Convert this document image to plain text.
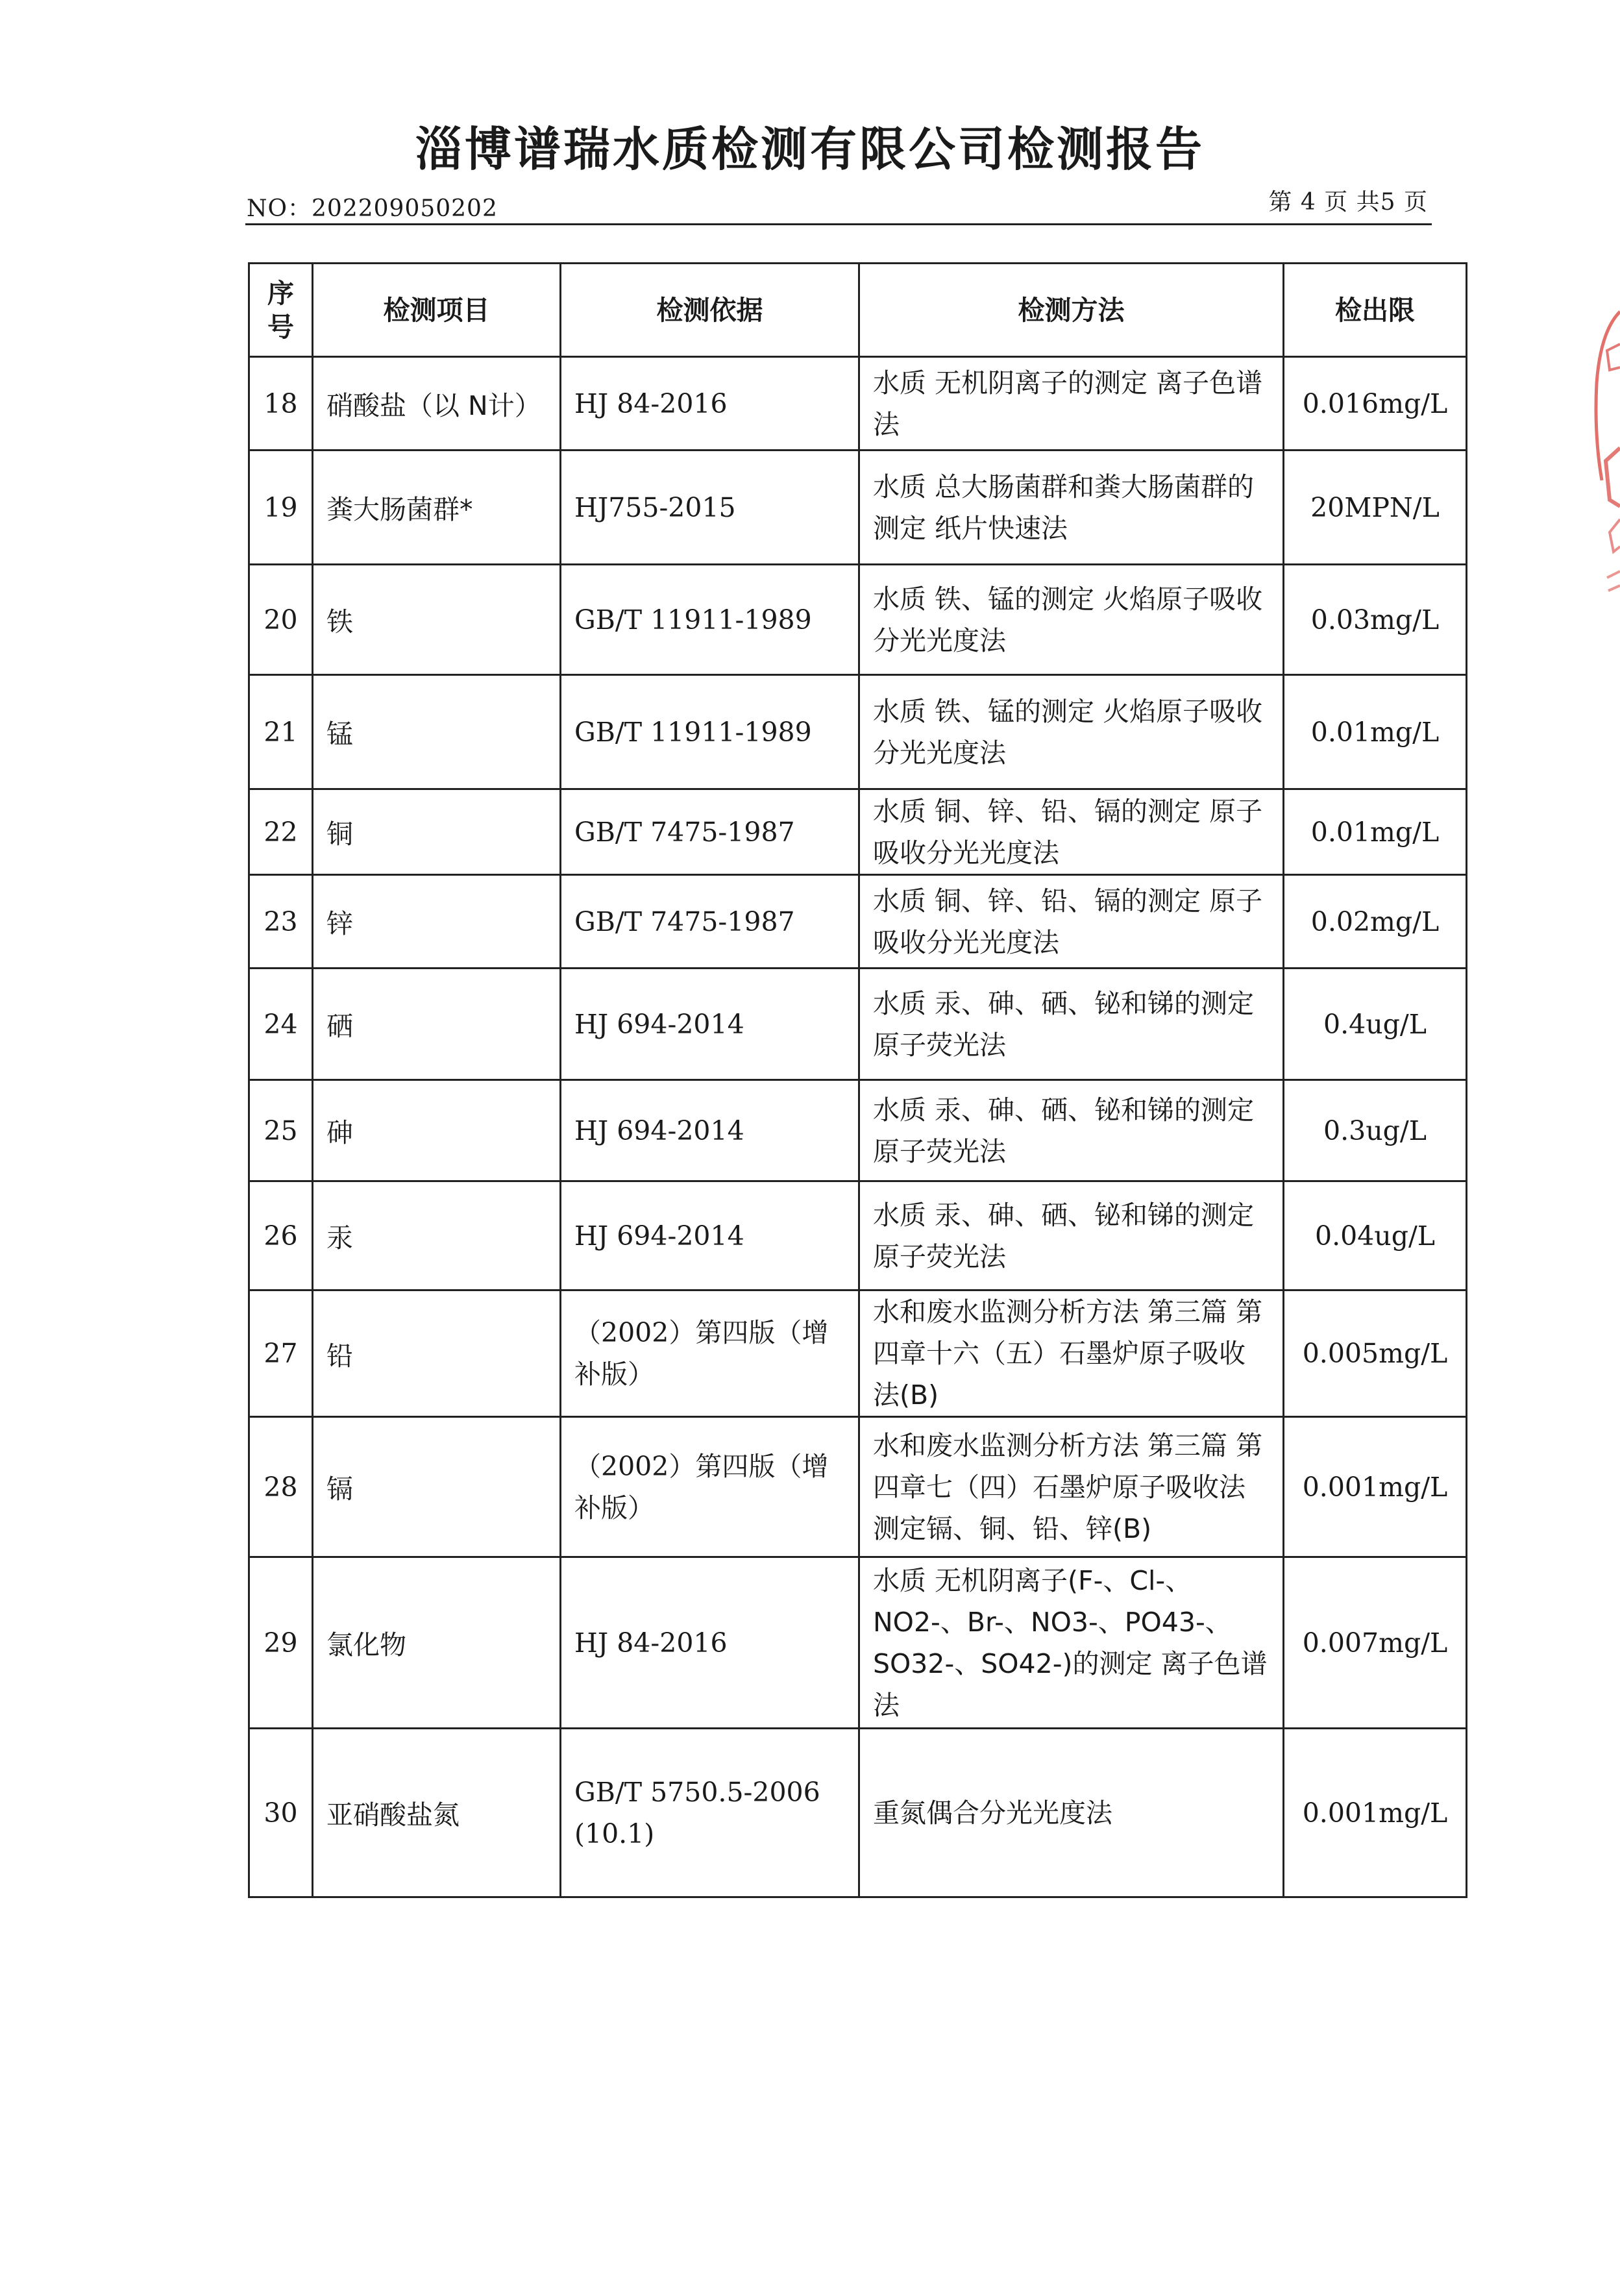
淄博谱瑞水质检测有限公司检测报告
NO：202209050202	第 4 页 共5 页
序号	检测项目	检测依据	检测方法	检出限
18	硝酸盐（以 N计）	HJ 84-2016	水质 无机阴离子的测定 离子色谱法	0.016mg/L
19	粪大肠菌群*	HJ755-2015	水质 总大肠菌群和粪大肠菌群的测定 纸片快速法	20MPN/L
20	铁	GB/T 11911-1989	水质 铁、锰的测定 火焰原子吸收分光光度法	0.03mg/L
21	锰	GB/T 11911-1989	水质 铁、锰的测定 火焰原子吸收分光光度法	0.01mg/L
22	铜	GB/T 7475-1987	水质 铜、锌、铅、镉的测定 原子吸收分光光度法	0.01mg/L
23	锌	GB/T 7475-1987	水质 铜、锌、铅、镉的测定 原子吸收分光光度法	0.02mg/L
24	硒	HJ 694-2014	水质 汞、砷、硒、铋和锑的测定 原子荧光法	0.4ug/L
25	砷	HJ 694-2014	水质 汞、砷、硒、铋和锑的测定 原子荧光法	0.3ug/L
26	汞	HJ 694-2014	水质 汞、砷、硒、铋和锑的测定 原子荧光法	0.04ug/L
27	铅	（2002）第四版（增补版）	水和废水监测分析方法 第三篇 第四章十六（五）石墨炉原子吸收法(B)	0.005mg/L
28	镉	（2002）第四版（增补版）	水和废水监测分析方法 第三篇 第四章七（四）石墨炉原子吸收法测定镉、铜、铅、锌(B)	0.001mg/L
29	氯化物	HJ 84-2016	水质 无机阴离子(F-、Cl-、NO2-、Br-、NO3-、PO43-、SO32-、SO42-)的测定 离子色谱法	0.007mg/L
30	亚硝酸盐氮	GB/T 5750.5-2006 (10.1)	重氮偶合分光光度法	0.001mg/L
